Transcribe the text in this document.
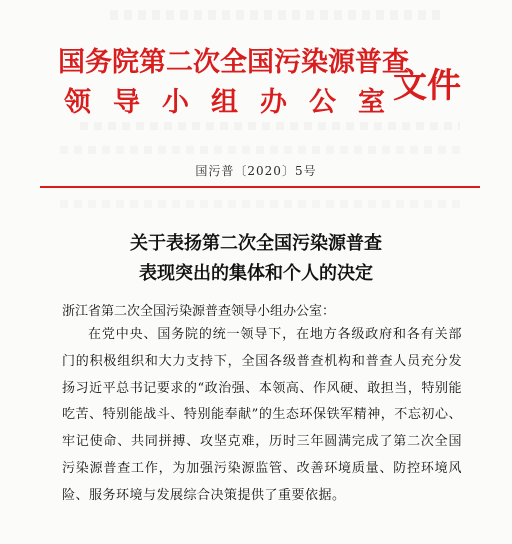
国务院第二次全国污染源普查
领导小组办公室
文件
国污普〔2020〕5号
关于表扬第二次全国污染源普查
表现突出的集体和个人的决定
浙江省第二次全国污染源普查领导小组办公室：
在党中央、国务院的统一领导下，在地方各级政府和各有关部门的积极组织和大力支持下，全国各级普查机构和普查人员充分发扬习近平总书记要求的“政治强、本领高、作风硬、敢担当，特别能吃苦、特别能战斗、特别能奉献”的生态环保铁军精神，不忘初心、牢记使命、共同拼搏、攻坚克难，历时三年圆满完成了第二次全国污染源普查工作，为加强污染源监管、改善环境质量、防控环境风险、服务环境与发展综合决策提供了重要依据。
